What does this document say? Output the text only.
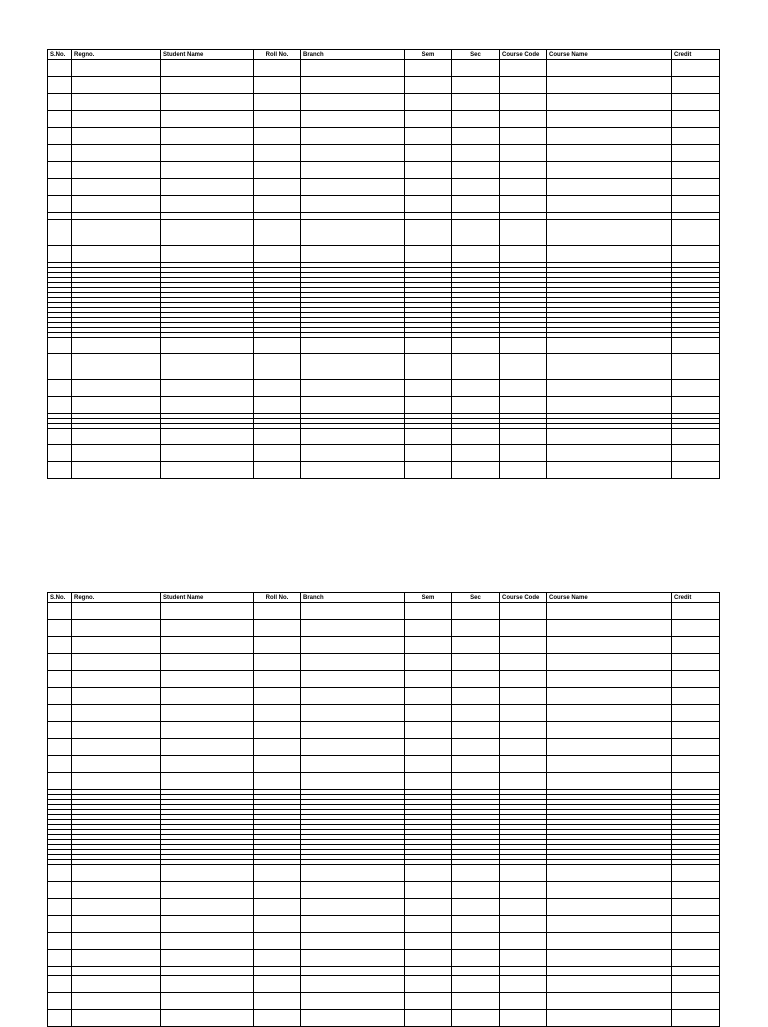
S.No.	Regno.	Student Name	Roll No.	Branch	Sem	Sec	Course Code	Course Name	Credit

S.No.	Regno.	Student Name	Roll No.	Branch	Sem	Sec	Course Code	Course Name	Credit
